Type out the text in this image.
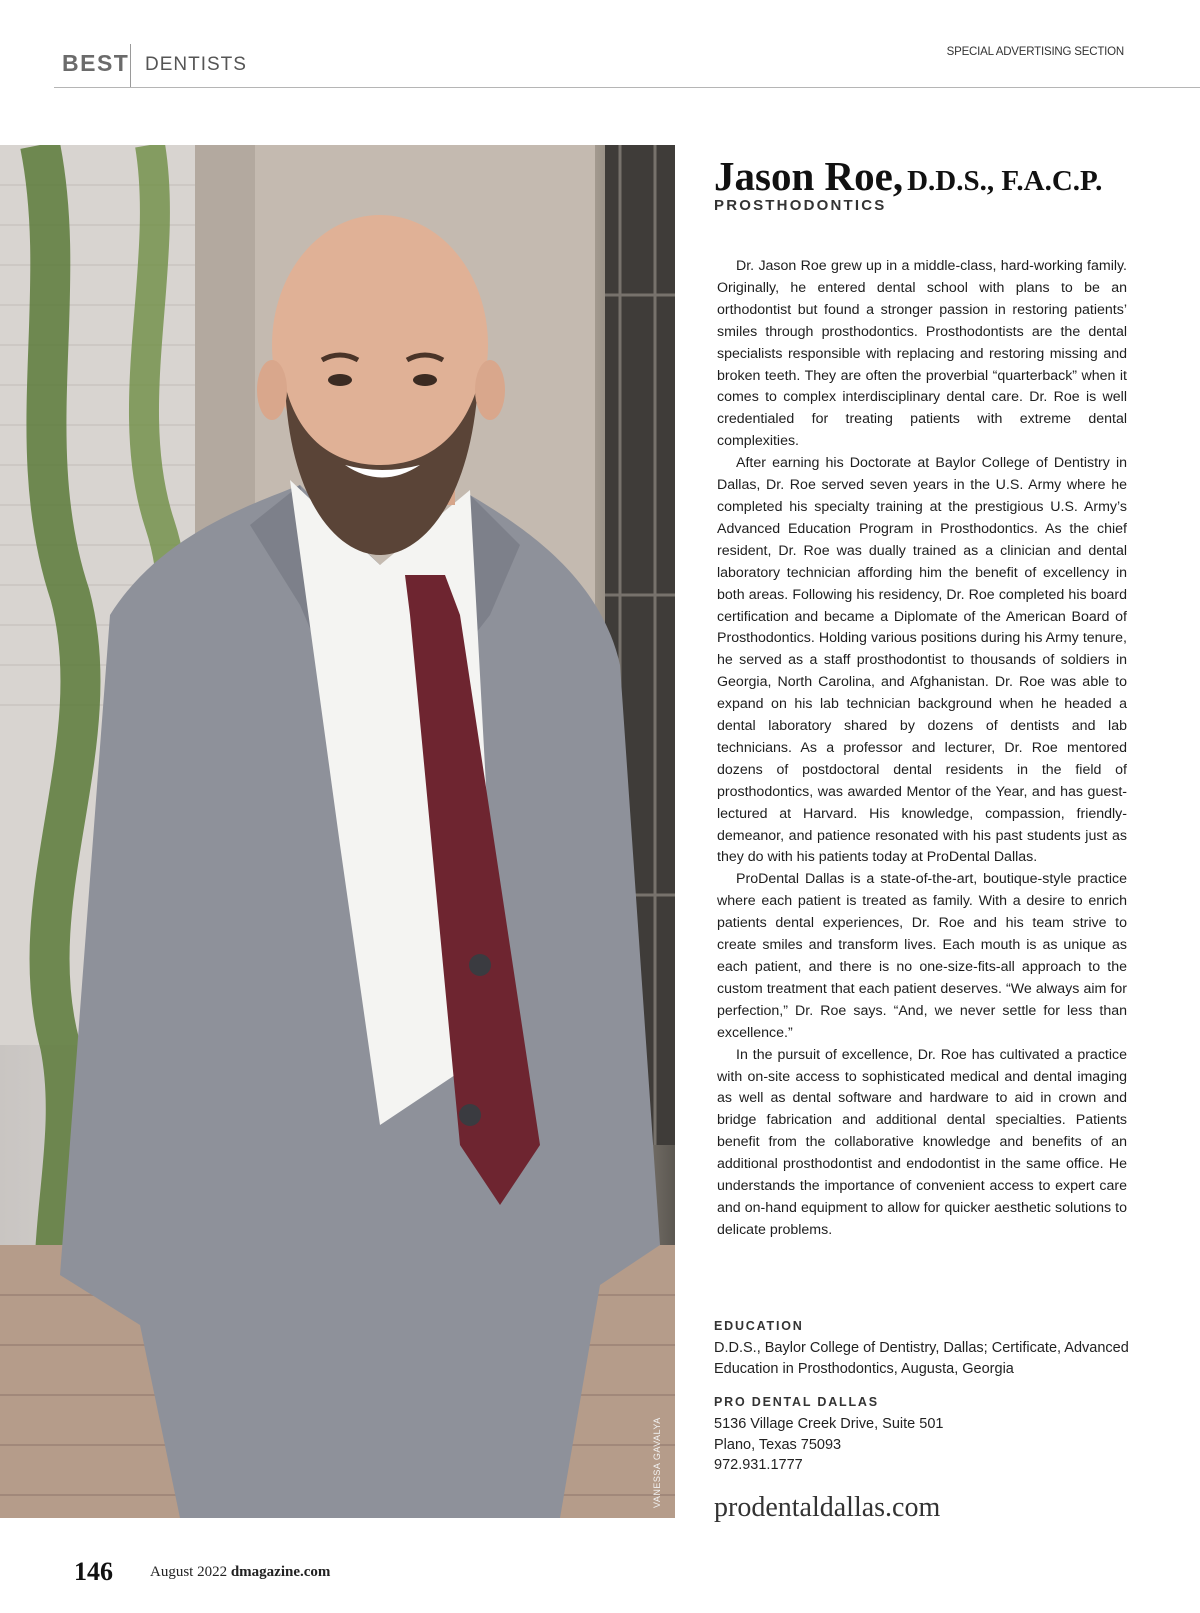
BEST DENTISTS
SPECIAL ADVERTISING SECTION
VANESSA GAVALYA
Jason Roe, D.D.S., F.A.C.P.
PROSTHODONTICS

Dr. Jason Roe grew up in a middle-class, hard-working family. Originally, he entered dental school with plans to be an orthodontist but found a stronger passion in restoring patients’ smiles through prosthodontics. Prosthodontists are the dental specialists responsible with replacing and restoring missing and broken teeth. They are often the proverbial “quarterback” when it comes to complex interdisciplinary dental care. Dr. Roe is well credentialed for treating patients with extreme dental complexities.

After earning his Doctorate at Baylor College of Dentistry in Dallas, Dr. Roe served seven years in the U.S. Army where he completed his specialty training at the prestigious U.S. Army’s Advanced Education Program in Prosthodontics. As the chief resident, Dr. Roe was dually trained as a clinician and dental laboratory technician affording him the benefit of excellency in both areas. Following his residency, Dr. Roe completed his board certification and became a Diplomate of the American Board of Prosthodontics. Holding various positions during his Army tenure, he served as a staff prosthodontist to thousands of soldiers in Georgia, North Carolina, and Afghanistan. Dr. Roe was able to expand on his lab technician background when he headed a dental laboratory shared by dozens of dentists and lab technicians. As a professor and lecturer, Dr. Roe mentored dozens of postdoctoral dental residents in the field of prosthodontics, was awarded Mentor of the Year, and has guest-lectured at Harvard. His knowledge, compassion, friendly-demeanor, and patience resonated with his past students just as they do with his patients today at ProDental Dallas.

ProDental Dallas is a state-of-the-art, boutique-style practice where each patient is treated as family. With a desire to enrich patients dental experiences, Dr. Roe and his team strive to create smiles and transform lives. Each mouth is as unique as each patient, and there is no one-size-fits-all approach to the custom treatment that each patient deserves. “We always aim for perfection,” Dr. Roe says. “And, we never settle for less than excellence.”

In the pursuit of excellence, Dr. Roe has cultivated a practice with on-site access to sophisticated medical and dental imaging as well as dental software and hardware to aid in crown and bridge fabrication and additional dental specialties. Patients benefit from the collaborative knowledge and benefits of an additional prosthodontist and endodontist in the same office. He understands the importance of convenient access to expert care and on-hand equipment to allow for quicker aesthetic solutions to delicate problems.

EDUCATION
D.D.S., Baylor College of Dentistry, Dallas; Certificate, Advanced Education in Prosthodontics, Augusta, Georgia
PRO DENTAL DALLAS
5136 Village Creek Drive, Suite 501
Plano, Texas 75093
972.931.1777
prodentaldallas.com
146 August 2022 dmagazine.com
